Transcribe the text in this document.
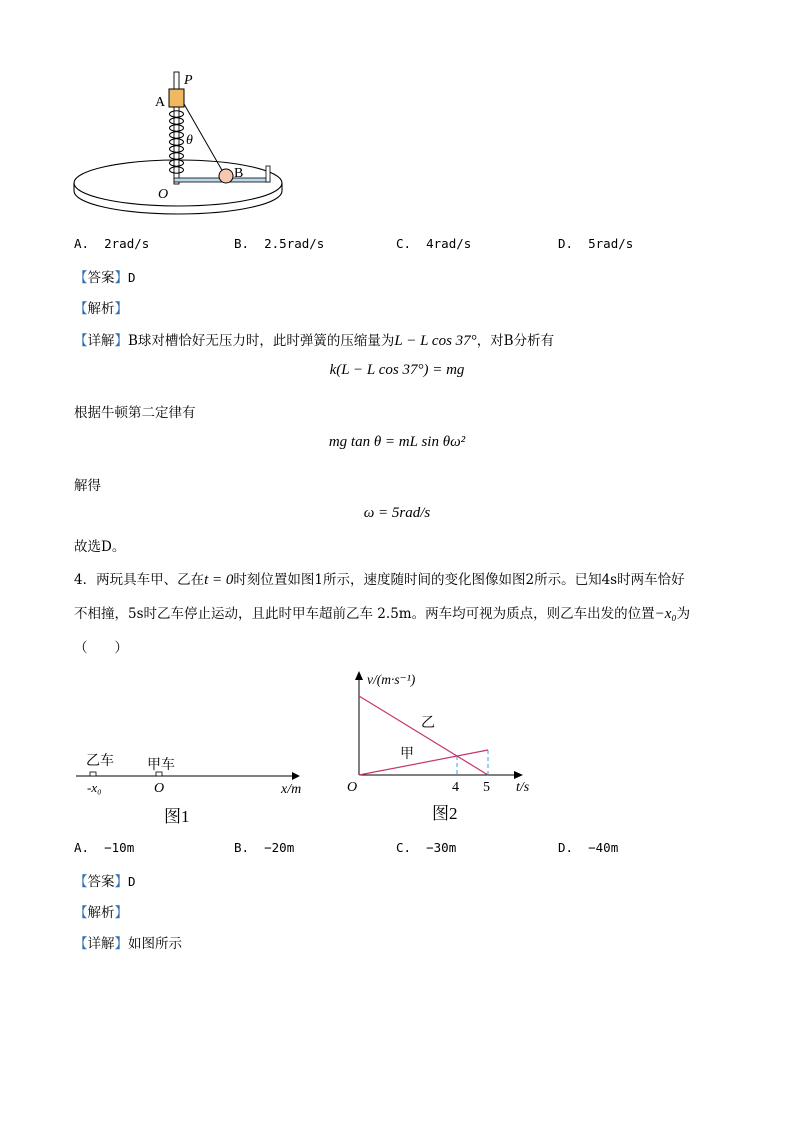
P
A
θ
B
O
A. 2rad/s	B. 2.5rad/s	C. 4rad/s	D. 5rad/s
【答案】D
【解析】
【详解】B球对槽恰好无压力时，此时弹簧的压缩量为L − L cos 37°，对B分析有
k(L − L cos 37°) = mg
根据牛顿第二定律有
mg tan θ = mL sin θω²
解得
ω = 5rad/s
故选D。
4．两玩具车甲、乙在t = 0时刻位置如图1所示，速度随时间的变化图像如图2所示。已知4s时两车恰好
不相撞，5s时乙车停止运动，且此时甲车超前乙车 2.5m。两车均可视为质点，则乙车出发的位置−x₀为
（　　）
乙车 甲车
-x₀	O	x/m
图1
v/(m·s⁻¹)
乙
甲
O	4 5 t/s
图2
A. −10m	B. −20m	C. −30m	D. −40m
【答案】D
【解析】
【详解】如图所示
